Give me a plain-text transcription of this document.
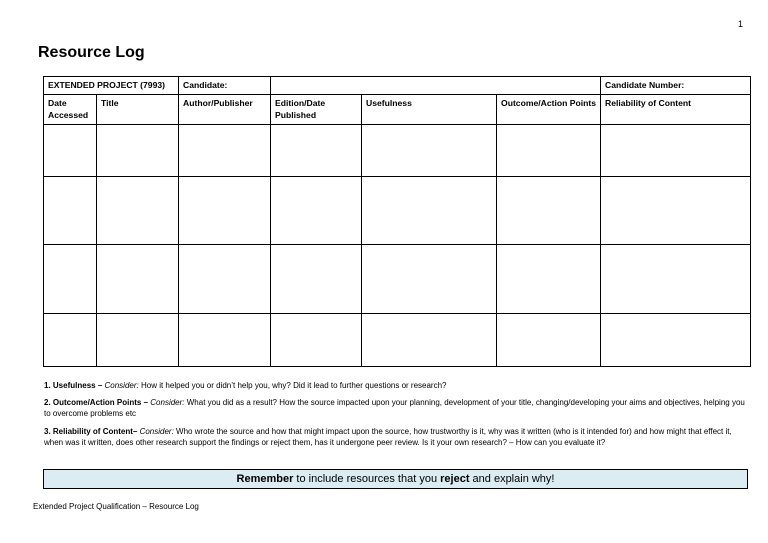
1
Resource Log
EXTENDED PROJECT (7993)		Candidate:				Candidate Number:	
Date Accessed	Title	Author/Publisher	Edition/Date Published	Usefulness	Outcome/Action Points	Reliability of Content	

1. Usefulness – Consider: How it helped you or didn’t help you, why? Did it lead to further questions or research?
2. Outcome/Action Points – Consider: What you did as a result? How the source impacted upon your planning, development of your title, changing/developing your aims and objectives, helping you to overcome problems etc
3. Reliability of Content– Consider: Who wrote the source and how that might impact upon the source, how trustworthy is it, why was it written (who is it intended for) and how might that effect it, when was it written, does other research support the findings or reject them, has it undergone peer review. Is it your own research? – How can you evaluate it?
Remember to include resources that you reject and explain why!
Extended Project Qualification – Resource Log
